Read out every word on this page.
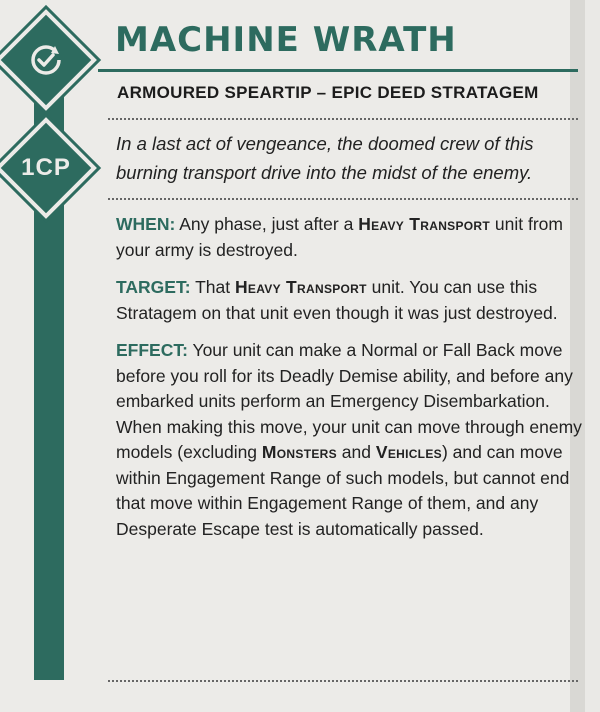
1CP
MACHINE WRATH
ARMOURED SPEARTIP – EPIC DEED STRATAGEM
In a last act of vengeance, the doomed crew of this burning transport drive into the midst of the enemy.

WHEN: Any phase, just after a Heavy Transport unit from your army is destroyed.

TARGET: That Heavy Transport unit. You can use this Stratagem on that unit even though it was just destroyed.

EFFECT: Your unit can make a Normal or Fall Back move before you roll for its Deadly Demise ability, and before any embarked units perform an Emergency Disembarkation. When making this move, your unit can move through enemy models (excluding Monsters and Vehicles) and can move within Engagement Range of such models, but cannot end that move within Engagement Range of them, and any Desperate Escape test is automatically passed.
